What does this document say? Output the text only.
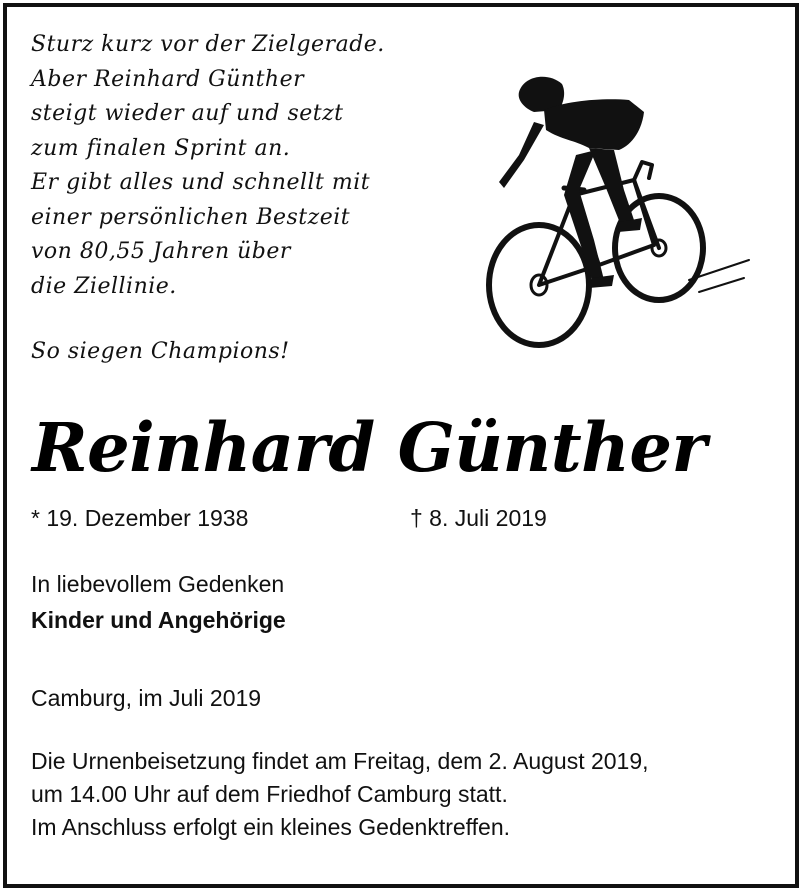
Sturz kurz vor der Zielgerade.
Aber Reinhard Günther
steigt wieder auf und setzt
zum finalen Sprint an.
Er gibt alles und schnellt mit
einer persönlichen Bestzeit
von 80,55 Jahren über
die Ziellinie.
So siegen Champions!
Reinhard Günther
* 19. Dezember 1938	† 8. Juli 2019
In liebevollem Gedenken
Kinder und Angehörige
Camburg, im Juli 2019
Die Urnenbeisetzung findet am Freitag, dem 2. August 2019,
um 14.00 Uhr auf dem Friedhof Camburg statt.
Im Anschluss erfolgt ein kleines Gedenktreffen.
